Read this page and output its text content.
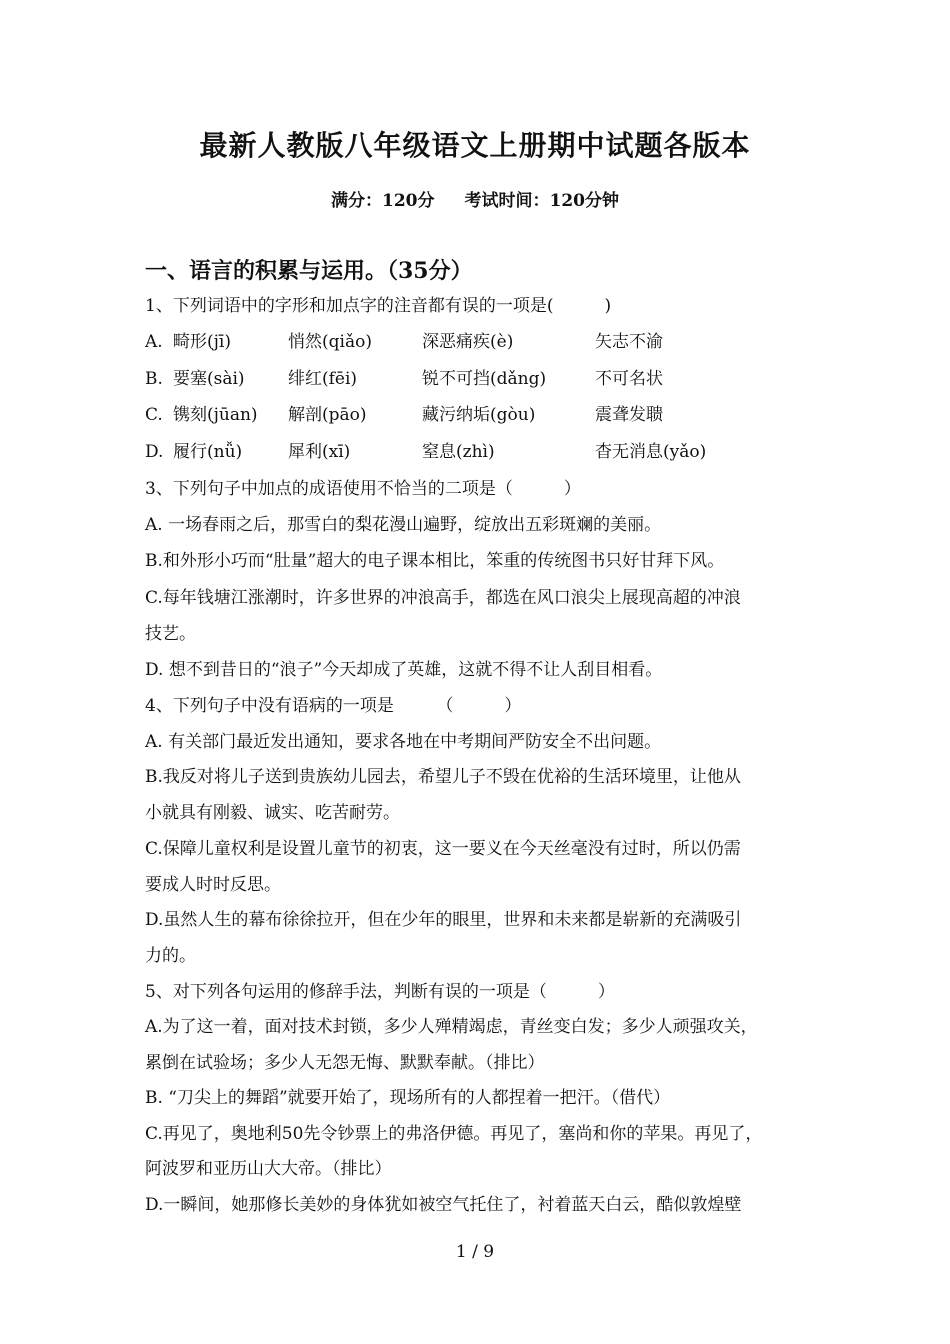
最新人教版八年级语文上册期中试题各版本
满分：120分 考试时间：120分钟
一、语言的积累与运用。（35分）
1、下列词语中的字形和加点字的注音都有误的一项是(　　　)
A. 畸形(jī)	悄然(qiǎo)	深恶痛疾(è)	矢志不渝
B. 要塞(sài)	绯红(fēi)	锐不可挡(dǎng)	不可名状
C. 镌刻(jūan) 解剖(pāo)	藏污纳垢(gòu)	震聋发聩
D. 履行(nǚ)	犀利(xī)	窒息(zhì)	杳无消息(yǎo)
3、下列句子中加点的成语使用不恰当的二项是（　　　）
A. 一场春雨之后，那雪白的梨花漫山遍野，绽放出五彩斑斓的美丽。
B.和外形小巧而“肚量”超大的电子课本相比，笨重的传统图书只好甘拜下风。
C.每年钱塘江涨潮时，许多世界的冲浪高手，都选在风口浪尖上展现高超的冲浪
技艺。
D. 想不到昔日的“浪子”今天却成了英雄，这就不得不让人刮目相看。
4、下列句子中没有语病的一项是　　　（　　　）
A. 有关部门最近发出通知，要求各地在中考期间严防安全不出问题。
B.我反对将儿子送到贵族幼儿园去，希望儿子不毁在优裕的生活环境里，让他从
小就具有刚毅、诚实、吃苦耐劳。
C.保障儿童权利是设置儿童节的初衷，这一要义在今天丝毫没有过时，所以仍需
要成人时时反思。
D.虽然人生的幕布徐徐拉开，但在少年的眼里，世界和未来都是崭新的充满吸引
力的。
5、对下列各句运用的修辞手法，判断有误的一项是（　　　）
A.为了这一着，面对技术封锁，多少人殚精竭虑，青丝变白发；多少人顽强攻关，
累倒在试验场；多少人无怨无悔、默默奉献。（排比）
B. “刀尖上的舞蹈”就要开始了，现场所有的人都捏着一把汗。（借代）
C.再见了，奥地利50先令钞票上的弗洛伊德。再见了，塞尚和你的苹果。再见了，
阿波罗和亚历山大大帝。（排比）
D.一瞬间，她那修长美妙的身体犹如被空气托住了，衬着蓝天白云，酷似敦煌壁
1 / 9
